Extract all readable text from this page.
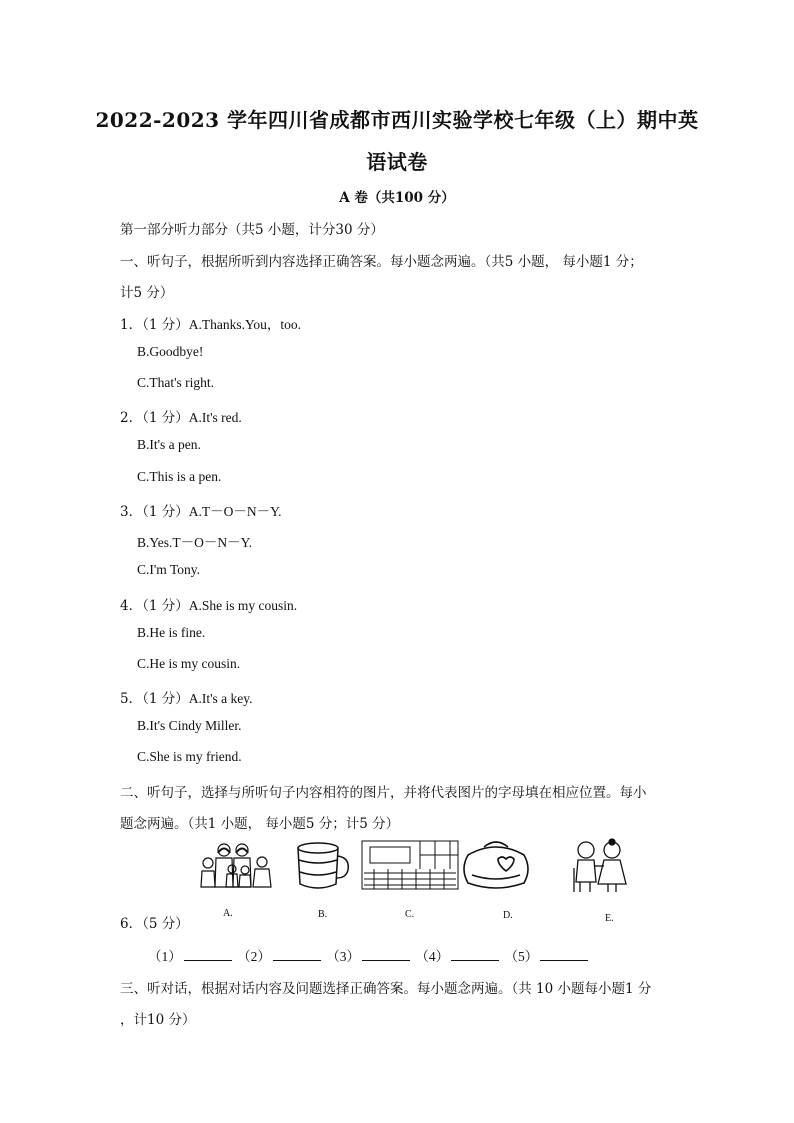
2022-2023 学年四川省成都市西川实验学校七年级（上）期中英
语试卷
A 卷（共100 分）
第一部分听力部分（共5 小题，计分30 分）
一、听句子，根据所听到内容选择正确答案。每小题念两遍。（共5 小题， 每小题1 分；
计5 分）
1．（1 分）A.Thanks.You，too.
B.Goodbye!
C.That's right.
2．（1 分）A.It's red.
B.It's a pen.
C.This is a pen.
3．（1 分）A.T－O－N－Y.
B.Yes.T－O－N－Y.
C.I'm Tony.
4．（1 分）A.She is my cousin.
B.He is fine.
C.He is my cousin.
5．（1 分）A.It's a key.
B.It's Cindy Miller.
C.She is my friend.
二、听句子，选择与所听句子内容相符的图片，并将代表图片的字母填在相应位置。每小
题念两遍。（共1 小题， 每小题5 分；计5 分）
A.	B.	C.	D.	E.
6．（5 分）
（1）	（2）	（3）	（4）	（5）
三、听对话，根据对话内容及问题选择正确答案。每小题念两遍。（共 10 小题每小题1 分
，计10 分）
